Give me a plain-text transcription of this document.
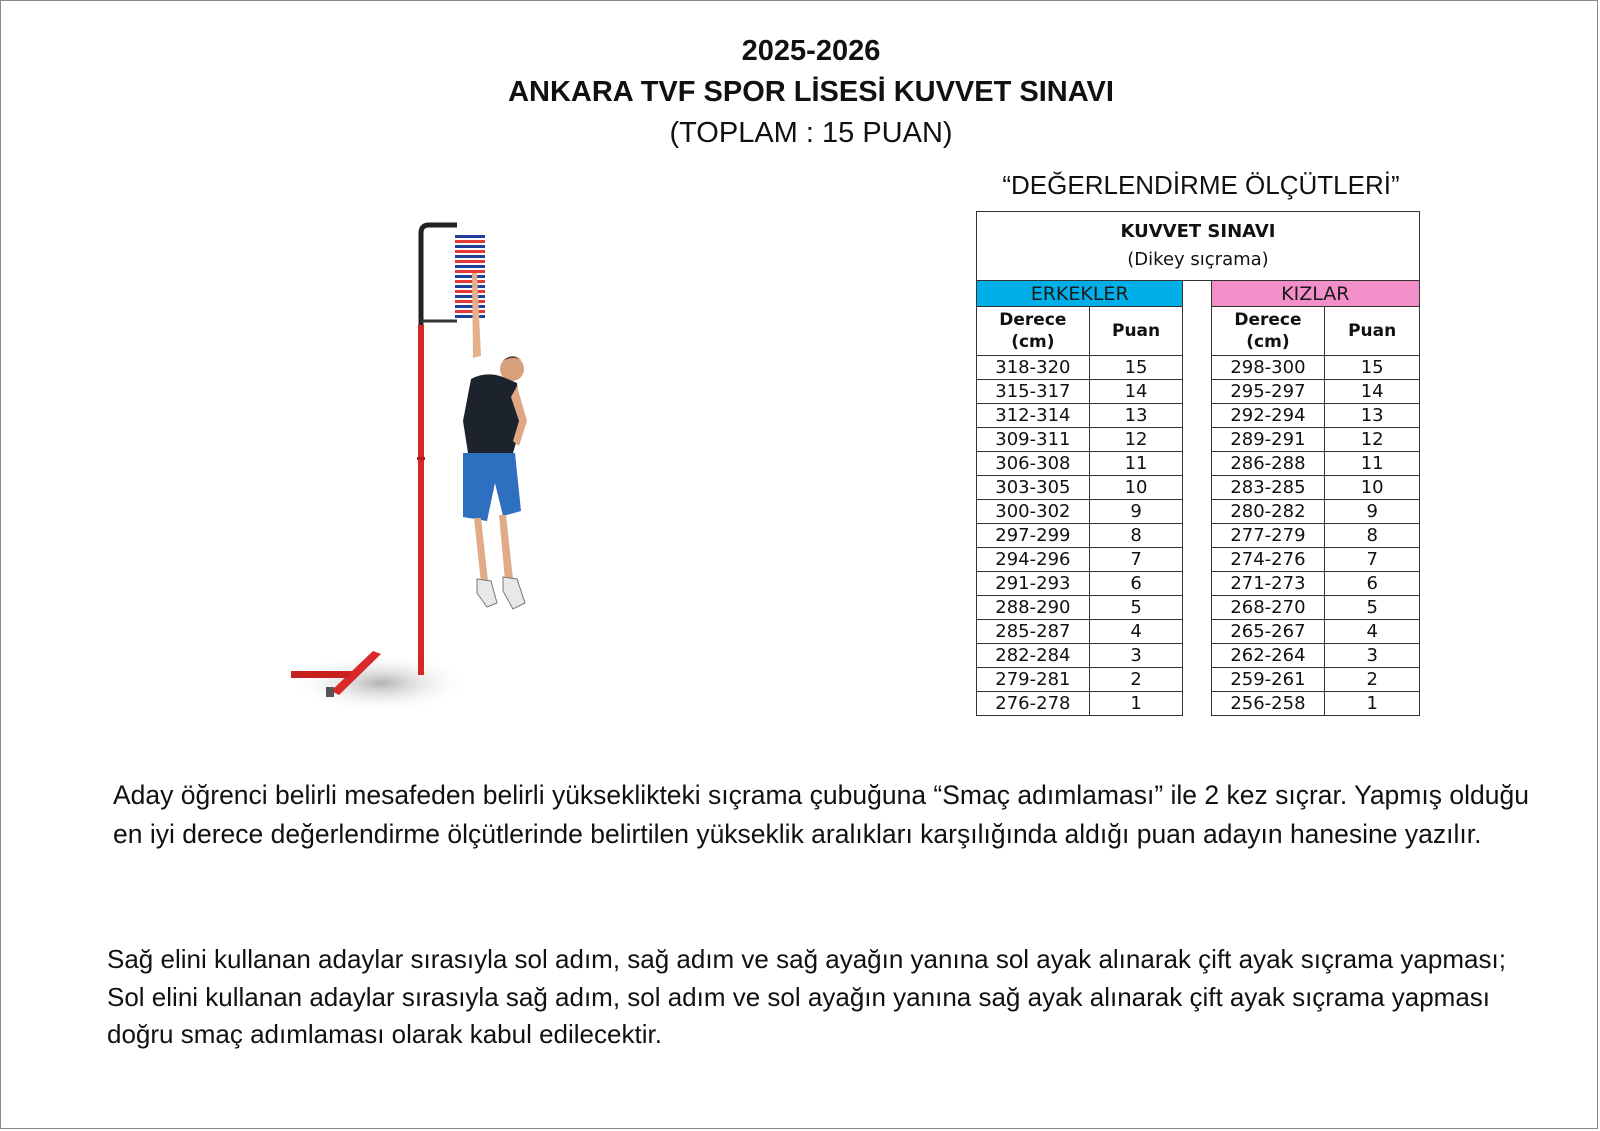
2025-2026
ANKARA TVF SPOR LİSESİ KUVVET SINAVI
(TOPLAM : 15 PUAN)
“DEĞERLENDİRME ÖLÇÜTLERİ”
KUVVET SINAVI
(Dikey sıçrama)				

ERKEKLER			KIZLAR	
Derece (cm)	Puan		Derece (cm)	Puan
318-320	15		298-300	15
315-317	14		295-297	14
312-314	13		292-294	13
309-311	12		289-291	12
306-308	11		286-288	11
303-305	10		283-285	10
300-302	9		280-282	9
297-299	8		277-279	8
294-296	7		274-276	7
291-293	6		271-273	6
288-290	5		268-270	5
285-287	4		265-267	4
282-284	3		262-264	3
279-281	2		259-261	2
276-278	1		256-258	1

Aday öğrenci belirli mesafeden belirli yükseklikteki sıçrama çubuğuna “Smaç adımlaması” ile 2 kez sıçrar. Yapmış olduğu en iyi derece değerlendirme ölçütlerinde belirtilen yükseklik aralıkları karşılığında aldığı puan adayın hanesine yazılır.

Sağ elini kullanan adaylar sırasıyla sol adım, sağ adım ve sağ ayağın yanına sol ayak alınarak çift ayak sıçrama yapması; Sol elini kullanan adaylar sırasıyla sağ adım, sol adım ve sol ayağın yanına sağ ayak alınarak çift ayak sıçrama yapması doğru smaç adımlaması olarak kabul edilecektir.
